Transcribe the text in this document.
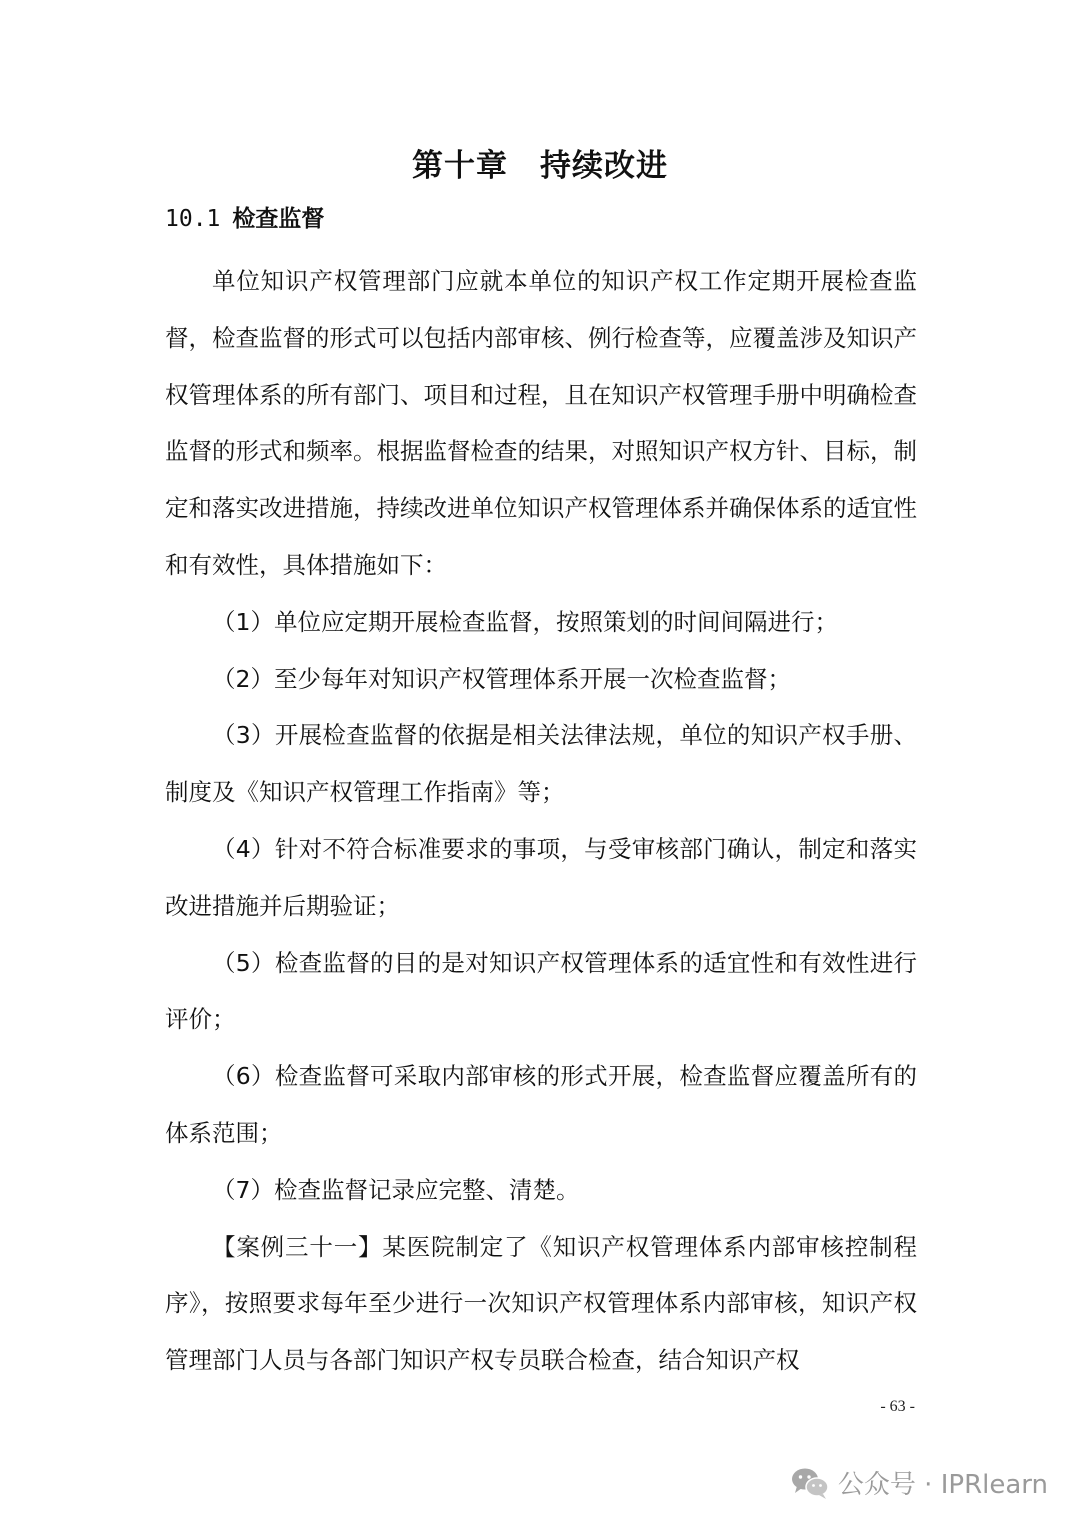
第十章　持续改进
10.1 检查监督

单位知识产权管理部门应就本单位的知识产权工作定期开展检查监督，检查监督的形式可以包括内部审核、例行检查等，应覆盖涉及知识产权管理体系的所有部门、项目和过程，且在知识产权管理手册中明确检查监督的形式和频率。根据监督检查的结果，对照知识产权方针、目标，制定和落实改进措施，持续改进单位知识产权管理体系并确保体系的适宜性和有效性，具体措施如下：

（1）单位应定期开展检查监督，按照策划的时间间隔进行；

（2）至少每年对知识产权管理体系开展一次检查监督；

（3）开展检查监督的依据是相关法律法规，单位的知识产权手册、制度及《知识产权管理工作指南》等；

（4）针对不符合标准要求的事项，与受审核部门确认，制定和落实改进措施并后期验证；

（5）检查监督的目的是对知识产权管理体系的适宜性和有效性进行评价；

（6）检查监督可采取内部审核的形式开展，检查监督应覆盖所有的体系范围；

（7）检查监督记录应完整、清楚。

【案例三十一】某医院制定了《知识产权管理体系内部审核控制程序》，按照要求每年至少进行一次知识产权管理体系内部审核，知识产权管理部门人员与各部门知识产权专员联合检查，结合知识产权

- 63 -
公众号 · IPRlearn
